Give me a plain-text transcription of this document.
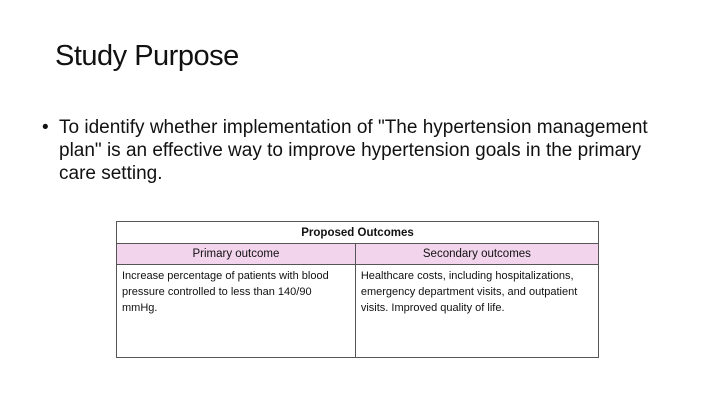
Study Purpose
• To identify whether implementation of "The hypertension management plan" is an effective way to improve hypertension goals in the primary care setting.
Proposed Outcomes	
Primary outcome	Secondary outcomes
Increase percentage of patients with blood pressure controlled to less than 140/90 mmHg.	Healthcare costs, including hospitalizations, emergency department visits, and outpatient visits. Improved quality of life.
